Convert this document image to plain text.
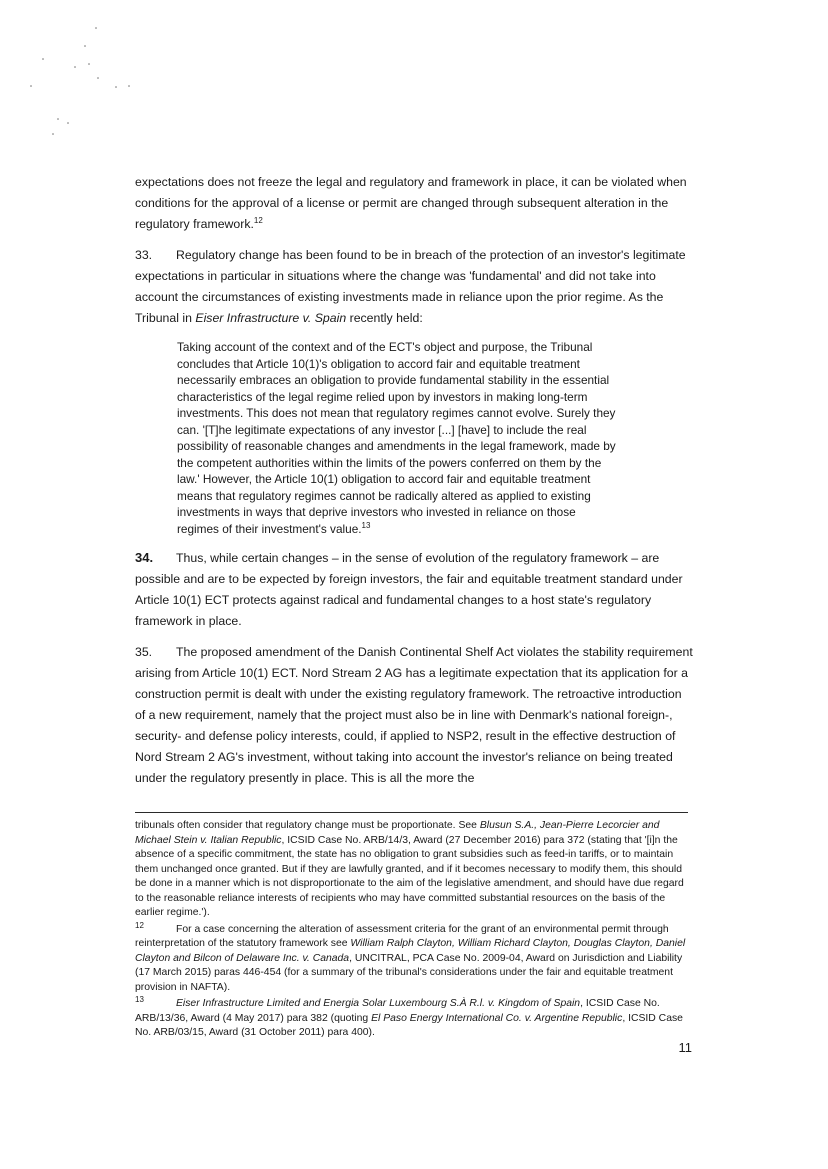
expectations does not freeze the legal and regulatory and framework in place, it can be violated when conditions for the approval of a license or permit are changed through subsequent alteration in the regulatory framework.$^{12}$

33. Regulatory change has been found to be in breach of the protection of an investor's legitimate expectations in particular in situations where the change was 'fundamental' and did not take into account the circumstances of existing investments made in reliance upon the prior regime. As the Tribunal in Eiser Infrastructure v. Spain recently held:

Taking account of the context and of the ECT's object and purpose, the Tribunal concludes that Article 10(1)'s obligation to accord fair and equitable treatment necessarily embraces an obligation to provide fundamental stability in the essential characteristics of the legal regime relied upon by investors in making long-term investments. This does not mean that regulatory regimes cannot evolve. Surely they can. '[T]he legitimate expectations of any investor [...] [have] to include the real possibility of reasonable changes and amendments in the legal framework, made by the competent authorities within the limits of the powers conferred on them by the law.' However, the Article 10(1) obligation to accord fair and equitable treatment means that regulatory regimes cannot be radically altered as applied to existing investments in ways that deprive investors who invested in reliance on those regimes of their investment's value.$^{13}$

34. Thus, while certain changes – in the sense of evolution of the regulatory framework – are possible and are to be expected by foreign investors, the fair and equitable treatment standard under Article 10(1) ECT protects against radical and fundamental changes to a host state's regulatory framework in place.

35. The proposed amendment of the Danish Continental Shelf Act violates the stability requirement arising from Article 10(1) ECT. Nord Stream 2 AG has a legitimate expectation that its application for a construction permit is dealt with under the existing regulatory framework. The retroactive introduction of a new requirement, namely that the project must also be in line with Denmark's national foreign-, security- and defense policy interests, could, if applied to NSP2, result in the effective destruction of Nord Stream 2 AG's investment, without taking into account the investor's reliance on being treated under the regulatory presently in place. This is all the more the

tribunals often consider that regulatory change must be proportionate. See Blusun S.A., Jean-Pierre Lecorcier and Michael Stein v. Italian Republic, ICSID Case No. ARB/14/3, Award (27 December 2016) para 372 (stating that '[i]n the absence of a specific commitment, the state has no obligation to grant subsidies such as feed-in tariffs, or to maintain them unchanged once granted. But if they are lawfully granted, and if it becomes necessary to modify them, this should be done in a manner which is not disproportionate to the aim of the legislative amendment, and should have due regard to the reasonable reliance interests of recipients who may have committed substantial resources on the basis of the earlier regime.').

12	For a case concerning the alteration of assessment criteria for the grant of an environmental permit through reinterpretation of the statutory framework see William Ralph Clayton, William Richard Clayton, Douglas Clayton, Daniel Clayton and Bilcon of Delaware Inc. v. Canada, UNCITRAL, PCA Case No. 2009-04, Award on Jurisdiction and Liability (17 March 2015) paras 446-454 (for a summary of the tribunal's considerations under the fair and equitable treatment provision in NAFTA).

13	Eiser Infrastructure Limited and Energia Solar Luxembourg S.À R.l. v. Kingdom of Spain, ICSID Case No. ARB/13/36, Award (4 May 2017) para 382 (quoting El Paso Energy International Co. v. Argentine Republic, ICSID Case No. ARB/03/15, Award (31 October 2011) para 400).

11
